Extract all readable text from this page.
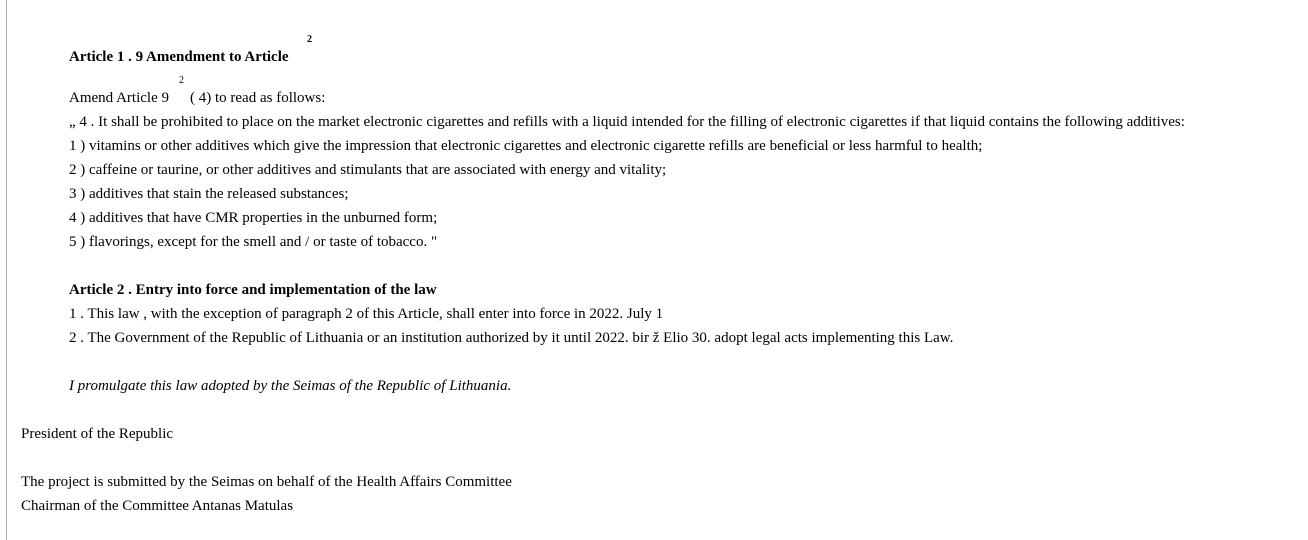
Article 1 . 9 Amendment to Article
2
Amend Article 9
2
( 4) to read as follows:
„ 4 . It shall be prohibited to place on the market electronic cigarettes and refills with a liquid intended for the filling of electronic cigarettes if that liquid contains the following additives:
1 ) vitamins or other additives which give the impression that electronic cigarettes and electronic cigarette refills are beneficial or less harmful to health;
2 ) caffeine or taurine, or other additives and stimulants that are associated with energy and vitality;
3 ) additives that stain the released substances;
4 ) additives that have CMR properties in the unburned form;
5 ) flavorings, except for the smell and / or taste of tobacco. "
Article 2 . Entry into force and implementation of the law
1 . This law , with the exception of paragraph 2 of this Article, shall enter into force in 2022. July 1
2 . The Government of the Republic of Lithuania or an institution authorized by it until 2022. bir ž Elio 30. adopt legal acts implementing this Law.
I promulgate this law adopted by the Seimas of the Republic of Lithuania.
President of the Republic
The project is submitted by the Seimas on behalf of the Health Affairs Committee
Chairman of the Committee Antanas Matulas
